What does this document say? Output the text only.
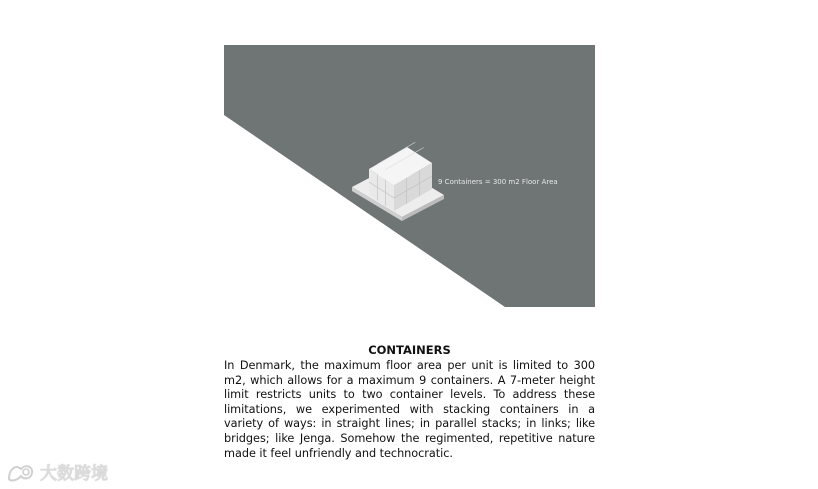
9 Containers = 300 m2 Floor Area

CONTAINERS

In Denmark, the maximum floor area per unit is limited to 300 m2, which allows for a maximum 9 containers. A 7-meter height limit restricts units to two container levels. To address these limitations, we experimented with stacking containers in a variety of ways: in straight lines; in parallel stacks; in links; like bridges; like Jenga. Somehow the regimented, repetitive nature made it feel unfriendly and technocratic.

大数跨境
